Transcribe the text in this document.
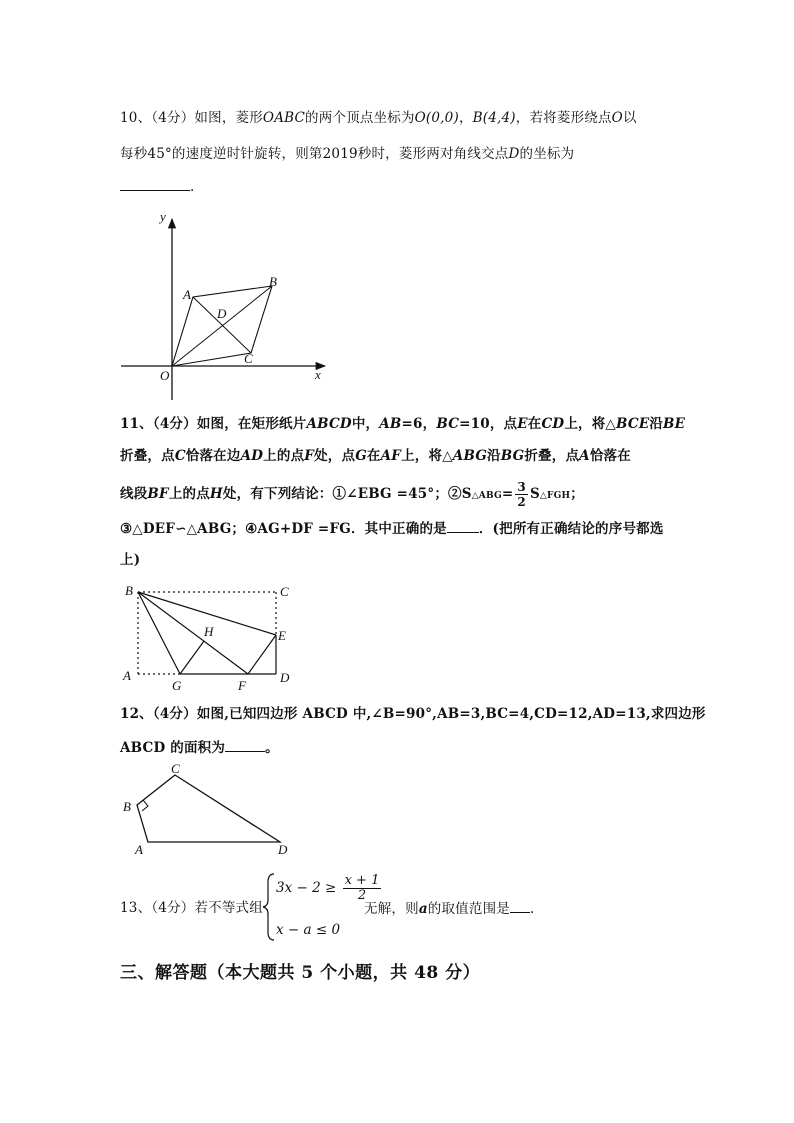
10、（4分）如图，菱形OABC的两个顶点坐标为O(0,0)，B(4,4)，若将菱形绕点O以
每秒45°的速度逆时针旋转，则第2019秒时，菱形两对角线交点D的坐标为
.
y
x
O
A
B
C
D
11、（4分）如图，在矩形纸片ABCD中，AB=6，BC=10，点E在CD上，将△BCE沿BE
折叠，点C恰落在边AD上的点F处，点G在AF上，将△ABG沿BG折叠，点A恰落在
线段BF上的点H处，有下列结论：①∠EBG =45°；②S△ABG= $\frac{3}{2}$ S△FGH；
③△DEF∽△ABG；④AG+DF =FG．其中正确的是 ．(把所有正确结论的序号都选
上)
B	C
A	D
E
F
G
H
12、（4分）如图,已知四边形 ABCD 中,∠B=90°,AB=3,BC=4,CD=12,AD=13,求四边形
ABCD 的面积为	。
C
B
A	D
13、（4分）若不等式组
$3x - 2 \ge \frac{x + 1}{2}$
x − a ≤ 0
无解，则a的取值范围是 .
三、解答题（本大题共 5 个小题，共 48 分）
